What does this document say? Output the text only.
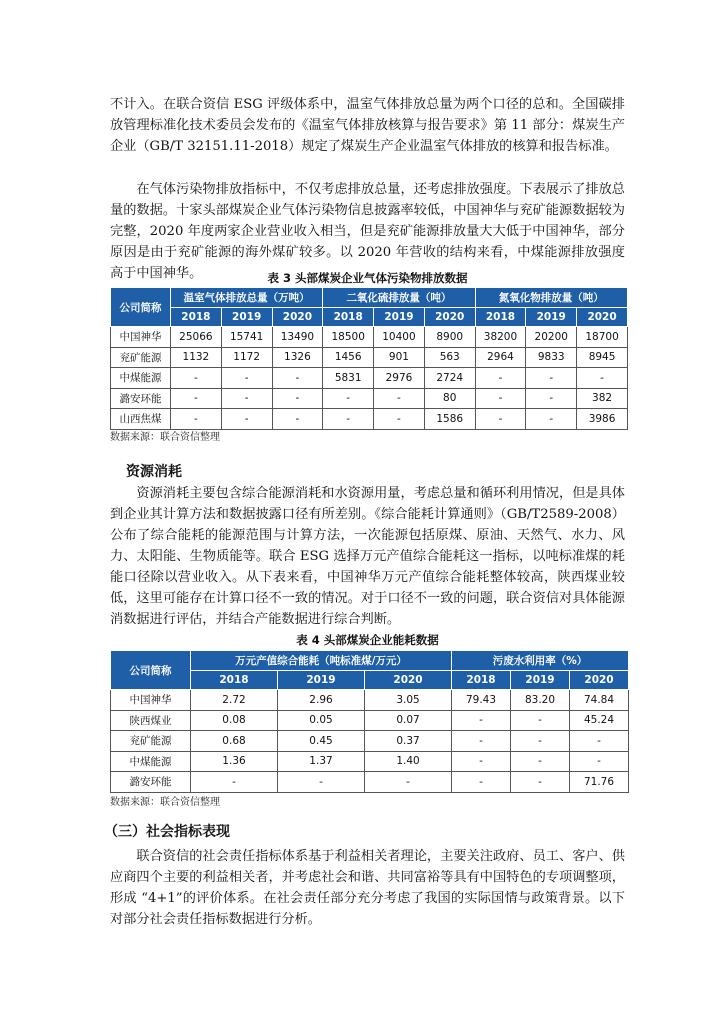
不计入。在联合资信 ESG 评级体系中，温室气体排放总量为两个口径的总和。全国碳排放管理标准化技术委员会发布的《温室气体排放核算与报告要求》第 11 部分：煤炭生产企业（GB/T 32151.11-2018）规定了煤炭生产企业温室气体排放的核算和报告标准。

在气体污染物排放指标中，不仅考虑排放总量，还考虑排放强度。下表展示了排放总量的数据。十家头部煤炭企业气体污染物信息披露率较低，中国神华与兖矿能源数据较为完整，2020 年度两家企业营业收入相当，但是兖矿能源排放量大大低于中国神华，部分原因是由于兖矿能源的海外煤矿较多。以 2020 年营收的结构来看，中煤能源排放强度高于中国神华。	表 3 头部煤炭企业气体污染物排放数据
公司简称	温室气体排放总量（万吨）			二氧化硫排放量（吨）			氮氧化物排放量（吨）		
	2018	2019	2020	2018	2019	2020	2018	2019	2020
中国神华	25066	15741	13490	18500	10400	8900	38200	20200	18700
兖矿能源	1132	1172	1326	1456	901	563	2964	9833	8945
中煤能源	-	-	-	5831	2976	2724	-	-	-
潞安环能	-	-	-	-	-	80	-	-	382
山西焦煤	-	-	-	-	-	1586	-	-	3986
数据来源：联合资信整理
资源消耗

资源消耗主要包含综合能源消耗和水资源用量，考虑总量和循环利用情况，但是具体到企业其计算方法和数据披露口径有所差别。《综合能耗计算通则》（GB/T2589-2008）公布了综合能耗的能源范围与计算方法，一次能源包括原煤、原油、天然气、水力、风力、太阳能、生物质能等。联合 ESG 选择万元产值综合能耗这一指标，以吨标准煤的耗能口径除以营业收入。从下表来看，中国神华万元产值综合能耗整体较高，陕西煤业较低，这里可能存在计算口径不一致的情况。对于口径不一致的问题，联合资信对具体能源消数据进行评估，并结合产能数据进行综合判断。

表 4 头部煤炭企业能耗数据
公司简称	万元产值综合能耗（吨标准煤/万元）			污废水利用率（%）		
	2018	2019	2020	2018	2019	2020
中国神华	2.72	2.96	3.05	79.43	83.20	74.84
陕西煤业	0.08	0.05	0.07	-	-	45.24
兖矿能源	0.68	0.45	0.37	-	-	-
中煤能源	1.36	1.37	1.40	-	-	-
潞安环能	-	-	-	-	-	71.76
数据来源：联合资信整理
（三）社会指标表现

联合资信的社会责任指标体系基于利益相关者理论，主要关注政府、员工、客户、供应商四个主要的利益相关者，并考虑社会和谐、共同富裕等具有中国特色的专项调整项，形成 “4+1”的评价体系。在社会责任部分充分考虑了我国的实际国情与政策背景。以下对部分社会责任指标数据进行分析。
